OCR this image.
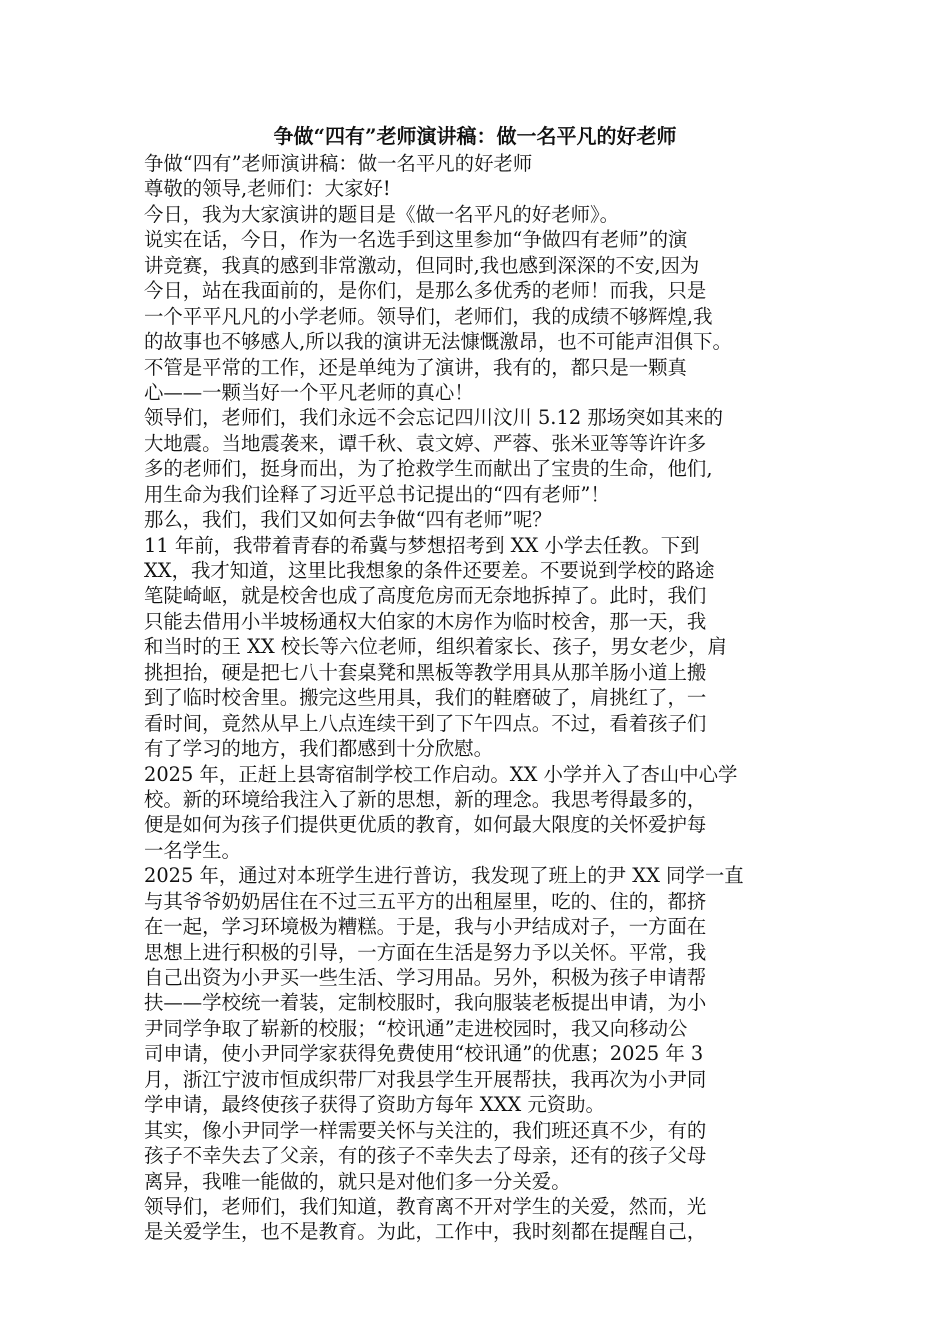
争做“四有”老师演讲稿：做一名平凡的好老师
争做“四有”老师演讲稿：做一名平凡的好老师
尊敬的领导,老师们：大家好!
今日，我为大家演讲的题目是《做一名平凡的好老师》。
说实在话，今日，作为一名选手到这里参加“争做四有老师”的演
讲竞赛，我真的感到非常激动，但同时,我也感到深深的不安,因为
今日，站在我面前的，是你们，是那么多优秀的老师！而我，只是
一个平平凡凡的小学老师。领导们，老师们，我的成绩不够辉煌,我
的故事也不够感人,所以我的演讲无法慷慨激昂，也不可能声泪俱下。
不管是平常的工作，还是单纯为了演讲，我有的，都只是一颗真
心——一颗当好一个平凡老师的真心！
领导们，老师们，我们永远不会忘记四川汶川 5.12 那场突如其来的
大地震。当地震袭来，谭千秋、袁文婷、严蓉、张米亚等等许许多
多的老师们，挺身而出，为了抢救学生而献出了宝贵的生命，他们,
用生命为我们诠释了习近平总书记提出的“四有老师”！
那么，我们，我们又如何去争做“四有老师”呢？
11 年前，我带着青春的希冀与梦想招考到 XX 小学去任教。下到
XX，我才知道，这里比我想象的条件还要差。不要说到学校的路途
笔陡崎岖，就是校舍也成了高度危房而无奈地拆掉了。此时，我们
只能去借用小半坡杨通权大伯家的木房作为临时校舍，那一天，我
和当时的王 XX 校长等六位老师，组织着家长、孩子，男女老少，肩
挑担抬，硬是把七八十套桌凳和黑板等教学用具从那羊肠小道上搬
到了临时校舍里。搬完这些用具，我们的鞋磨破了，肩挑红了，一
看时间，竟然从早上八点连续干到了下午四点。不过，看着孩子们
有了学习的地方，我们都感到十分欣慰。
2025 年，正赶上县寄宿制学校工作启动。XX 小学并入了杏山中心学
校。新的环境给我注入了新的思想，新的理念。我思考得最多的，
便是如何为孩子们提供更优质的教育，如何最大限度的关怀爱护每
一名学生。
2025 年，通过对本班学生进行普访，我发现了班上的尹 XX 同学一直
与其爷爷奶奶居住在不过三五平方的出租屋里，吃的、住的，都挤
在一起，学习环境极为糟糕。于是，我与小尹结成对子，一方面在
思想上进行积极的引导，一方面在生活是努力予以关怀。平常，我
自己出资为小尹买一些生活、学习用品。另外，积极为孩子申请帮
扶——学校统一着装，定制校服时，我向服装老板提出申请，为小
尹同学争取了崭新的校服；“校讯通”走进校园时，我又向移动公
司申请，使小尹同学家获得免费使用“校讯通”的优惠；2025 年 3
月，浙江宁波市恒成织带厂对我县学生开展帮扶，我再次为小尹同
学申请，最终使孩子获得了资助方每年 XXX 元资助。
其实，像小尹同学一样需要关怀与关注的，我们班还真不少，有的
孩子不幸失去了父亲，有的孩子不幸失去了母亲，还有的孩子父母
离异，我唯一能做的，就只是对他们多一分关爱。
领导们，老师们，我们知道，教育离不开对学生的关爱，然而，光
是关爱学生，也不是教育。为此，工作中，我时刻都在提醒自己，
